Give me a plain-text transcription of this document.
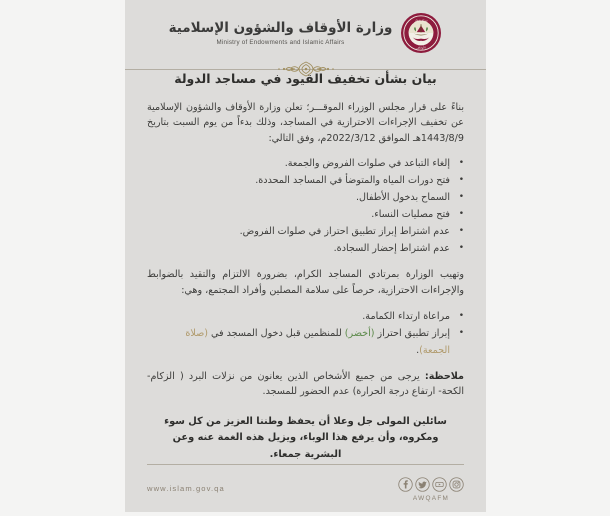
وزارة الأوقاف والشؤون الإسلامية
Ministry of Endowments and Islamic Affairs
دولة قطر
الأوقاف
بيان بشأن تخفيف القيود في مساجد الدولة

بناءً على قرار مجلس الوزراء الموقـــر؛ تعلن وزارة الأوقاف والشؤون الإسلامية عن تخفيف الإجراءات الاحترازية في المساجد، وذلك بدءاً من يوم السبت بتاريخ 1443/8/9هـ الموافق 2022/3/12م، وفق التالي:

• إلغاء التباعد في صلوات الفروض والجمعة.
• فتح دورات المياه والمتوضأ في المساجد المحددة.
• السماح بدخول الأطفال.
• فتح مصليات النساء.
• عدم اشتراط إبراز تطبيق احتراز في صلوات الفروض.
• عدم اشتراط إحضار السجادة.

وتهيب الوزارة بمرتادي المساجد الكرام، بضرورة الالتزام والتقيد بالضوابط والإجراءات الاحترازية، حرصاً على سلامة المصلين وأفراد المجتمع، وهي:

• مراعاة ارتداء الكمامة.
• إبراز تطبيق احتراز (أخضر) للمنظمين قبل دخول المسجد في (صلاة الجمعة).

ملاحظة: يرجى من جميع الأشخاص الذين يعانون من نزلات البرد ( الزكام- الكحة- ارتفاع درجة الحرارة) عدم الحضور للمسجد.

سائلين المولى جل وعلا أن يحفظ وطننا العزيز من كل سوء ومكروه، وأن يرفع هذا الوباء، ويزيل هذه الغمة عنه وعن البشرية جمعاء.

www.islam.gov.qa
AWQAFM
